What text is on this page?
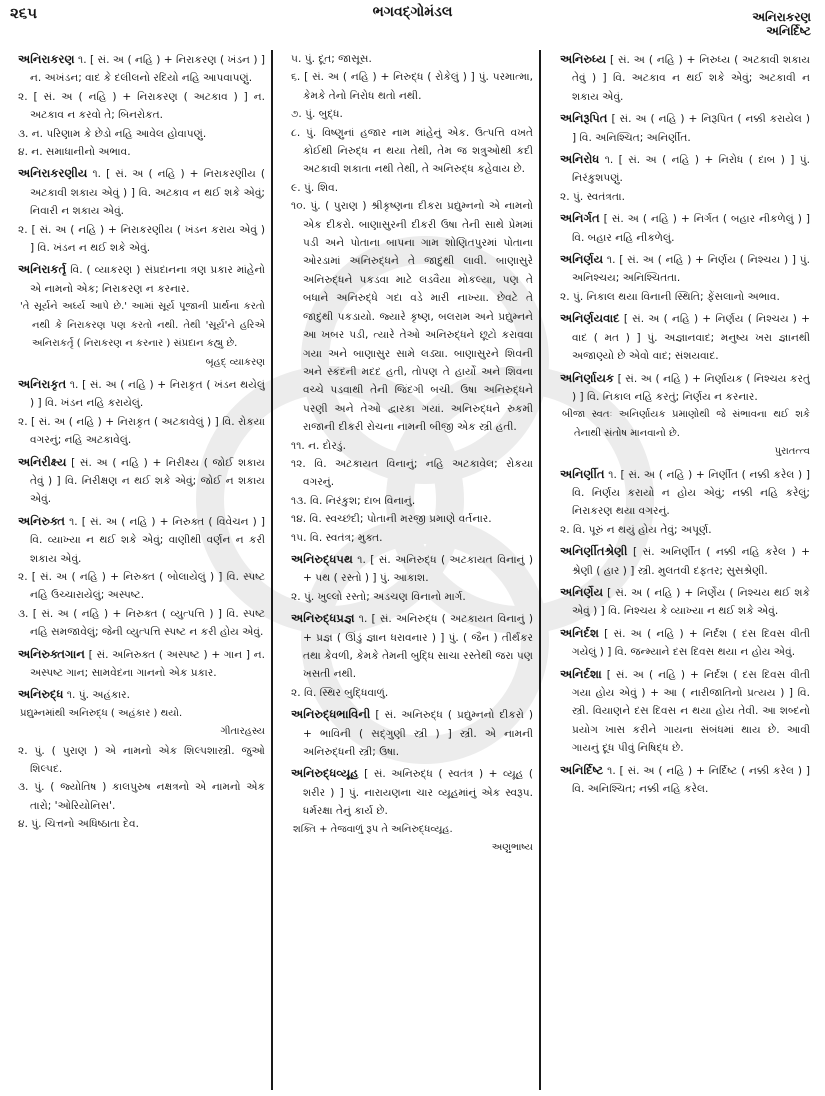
૨૬૫	ભગવદ્ગોમંડલ	અનિરાકરણ
અનિર્દિષ્ટ
અનિરાકરણ ૧. [ સં. અ ( નહિ ) + નિરાકરણ ( ખંડન ) ] ન. અખંડન; વાદ કે દલીલનો રદિયો નહિ આપવાપણું.
૨. [ સં. અ ( નહિ ) + નિરાકરણ ( અટકાવ ) ] ન. અટકાવ ન કરવો તે; બિનરોકત.
૩. ન. પરિણામ કે છેડો નહિ આવેલ હોવાપણું.
૪. ન. સમાધાનીનો અભાવ.
અનિરાકરણીય ૧. [ સં. અ ( નહિ ) + નિરાકરણીય ( અટકાવી શકાય એવું ) ] વિ. અટકાવ ન થઈ શકે એવું; નિવારી ન શકાય એવું.
૨. [ સં. અ ( નહિ ) + નિરાકરણીય ( ખંડન કરાય એવું ) ] વિ. ખંડન ન થઈ શકે એવું.
અનિરાકર્તૃ વિ. ( વ્યાકરણ ) સંપ્રદાનના ત્રણ પ્રકાર માંહેનો એ નામનો એક; નિરાકરણ ન કરનાર.
'તે સૂર્યને અર્ઘ્ય આપે છે.' આમાં સૂર્ય પૂજાની પ્રાર્થના કરતો નથી કે નિરાકરણ પણ કરતો નથી. તેથી 'સૂર્ય'ને હરિએ અનિરાકર્તૃ ( નિરાકરણ ન કરનાર ) સંપ્રદાન કહ્યુ છે.
બૃહદ્ વ્યાકરણ
અનિરાકૃત ૧. [ સં. અ ( નહિ ) + નિરાકૃત ( ખંડન થયેલું ) ] વિ. ખંડન નહિ કરાયેલું.
૨. [ સં. અ ( નહિ ) + નિરાકૃત ( અટકાવેલું ) ] વિ. રોકયા વગરનું; નહિ અટકાવેલું.
અનિરીક્ષ્ય [ સં. અ ( નહિ ) + નિરીક્ષ્ય ( જોઈ શકાય તેવું ) ] વિ. નિરીક્ષણ ન થઈ શકે એવું; જોઈ ન શકાય એવું.
અનિરુક્ત ૧. [ સં. અ ( નહિ ) + નિરુક્ત ( વિવેચન ) ] વિ. વ્યાખ્યા ન થઈ શકે એવું; વાણીથી વર્ણન ન કરી શકાય એવું.
૨. [ સં. અ ( નહિ ) + નિરુક્ત ( બોલાયેલું ) ] વિ. સ્પષ્ટ નહિ ઉચ્ચારાયેલું; અસ્પષ્ટ.
૩. [ સં. અ ( નહિ ) + નિરુક્ત ( વ્યુત્પત્તિ ) ] વિ. સ્પષ્ટ નહિ સમજાવેલું; જેની વ્યુત્પત્તિ સ્પષ્ટ ન કરી હોય એવું.
અનિરુક્તગાન [ સં. અનિરુક્ત ( અસ્પષ્ટ ) + ગાન ] ન. અસ્પષ્ટ ગાન; સામવેદના ગાનનો એક પ્રકાર.
અનિરુદ્ધ ૧. પું. અહંકાર.
પ્રદ્યુમ્નમાંથી અનિરુદ્ધ ( અહંકાર ) થયો.
ગીતારહસ્ય
૨. પું. ( પુરાણ ) એ નામનો એક શિલ્પશાસ્ત્રી. જુઓ શિલ્પદ.
૩. પું. ( જ્યોતિષ ) કાલપુરુષ નક્ષત્રનો એ નામનો એક તારો; 'ઓરિયોનિસ'.
૪. પું. ચિત્તનો અધિષ્ઠાતા દેવ.
૫. પું. દૂત; જાસૂસ.
૬. [ સં. અ ( નહિ ) + નિરુદ્ધ ( રોકેલું ) ] પું. પરમાત્મા, કેમકે તેનો નિરોધ થતો નથી.
૭. પું. બુદ્ધ.
૮. પું. વિષ્ણુનાં હજાર નામ માંહેનું એક. ઉત્પત્તિ વખતે કોઈથી નિરુદ્ધ ન થયા તેથી, તેમ જ શત્રુઓથી કદી અટકાવી શકાતા નથી તેથી, તે અનિરુદ્ધ કહેવાય છે.
૯. પું. શિવ.
૧૦. પું. ( પુરાણ ) શ્રીકૃષ્ણના દીકરા પ્રદ્યુમ્નનો એ નામનો એક દીકરો. બાણાસુરની દીકરી ઉષા તેની સાથે પ્રેમમાં પડી અને પોતાના બાપના ગામ શોણિતપુરમાં પોતાના ઓરડામાં અનિરુદ્ધને તે જાદુથી લાવી. બાણાસુરે અનિરુદ્ધને પકડવા માટે લડવૈયા મોકલ્યા, પણ તે બધાને અનિરુદ્ધે ગદા વડે મારી નાખ્યા. છેવટે તે જાદુથી પકડાયો. જ્યારે કૃષ્ણ, બલરામ અને પ્રદ્યુમ્નને આ ખબર પડી, ત્યારે તેઓ અનિરુદ્ધને છૂટો કરાવવા ગયા અને બાણાસુર સામે લડ્યા. બાણાસુરને શિવની અને સ્કંદની મદદ હતી, તોપણ તે હાર્યો અને શિવના વચ્ચે પડવાથી તેની જિંદગી બચી. ઉષા અનિરુદ્ધને પરણી અને તેઓ દ્વારકા ગયાં. અનિરુદ્ધને રુકમી રાજાની દીકરી રોચના નામની બીજી એક સ્ત્રી હતી.
૧૧. ન. દોરડું.
૧૨. વિ. અટકાયત વિનાનું; નહિ અટકાવેલ; રોકયા વગરનું.
૧૩. વિ. નિરંકુશ; દાબ વિનાનું.
૧૪. વિ. સ્વચ્છંદી; પોતાની મરજી પ્રમાણે વર્તનાર.
૧૫. વિ. સ્વતંત્ર; મુક્ત.
અનિરુદ્ધપથ ૧. [ સં. અનિરુદ્ધ ( અટકાયત વિનાનું ) + પથ ( રસ્તો ) ] પું. આકાશ.
૨. પું. ખુલ્લો રસ્તો; અડચણ વિનાનો માર્ગ.
અનિરુદ્ધપ્રજ્ઞ ૧. [ સં. અનિરુદ્ધ ( અટકાયત વિનાનું ) + પ્રજ્ઞ ( ઊંડું જ્ઞાન ધરાવનાર ) ] પું. ( જૈન ) તીર્થંકર તથા કેવળી, કેમકે તેમની બુદ્ધિ સાચા રસ્તેથી જરા પણ ખસતી નથી.
૨. વિ. સ્થિર બુદ્ધિવાળું.
અનિરુદ્ધભાવિની [ સં. અનિરુદ્ધ ( પ્રદ્યુમ્નનો દીકરો ) + ભાવિની ( સદ્ગુણી સ્ત્રી ) ] સ્ત્રી. એ નામની અનિરુદ્ધની સ્ત્રી; ઉષા.
અનિરુદ્ધવ્યૂહ [ સં. અનિરુદ્ધ ( સ્વતંત્ર ) + વ્યૂહ ( શરીર ) ] પું. નારાયણના ચાર વ્યૂહમાંનું એક સ્વરૂપ. ધર્મરક્ષા તેનું કાર્ય છે.
શક્તિ + તેજવાળું રૂપ તે અનિરુદ્ધવ્યૂહ.
અણુભાષ્ય
અનિરુધ્ય [ સં. અ ( નહિ ) + નિરુધ્ય ( અટકાવી શકાય તેવું ) ] વિ. અટકાવ ન થઈ શકે એવું; અટકાવી ન શકાય એવું.
અનિરૂપિત [ સં. અ ( નહિ ) + નિરૂપિત ( નક્કી કરાયેલ ) ] વિ. અનિશ્ચિત; અનિર્ણીત.
અનિરોધ ૧. [ સં. અ ( નહિ ) + નિરોધ ( દાબ ) ] પું. નિરંકુશપણું.
૨. પું. સ્વતંત્રતા.
અનિર્ગત [ સં. અ ( નહિ ) + નિર્ગત ( બહાર નીકળેલું ) ] વિ. બહાર નહિ નીકળેલું.
અનિર્ણય ૧. [ સં. અ ( નહિ ) + નિર્ણય ( નિશ્ચય ) ] પું. અનિશ્ચય; અનિશ્ચિતતા.
૨. પું. નિકાલ થયા વિનાની સ્થિતિ; ફેંસલાનો અભાવ.
અનિર્ણયવાદ [ સં. અ ( નહિ ) + નિર્ણય ( નિશ્ચય ) + વાદ ( મત ) ] પું. અજ્ઞાનવાદ; મનુષ્ય ખરા જ્ઞાનથી અજાણ્યો છે એવો વાદ; સંશયવાદ.
અનિર્ણાયક [ સં. અ ( નહિ ) + નિર્ણાયક ( નિશ્ચય કરતું ) ] વિ. નિકાલ નહિ કરતું; નિર્ણય ન કરનાર.
બીજા સ્વતઃ અનિર્ણાયક પ્રમાણોથી જે સંભાવના થઈ શકે તેનાથી સંતોષ માનવાનો છે.
પુરાતત્ત્વ
અનિર્ણીત ૧. [ સં. અ ( નહિ ) + નિર્ણીત ( નક્કી કરેલ ) ] વિ. નિર્ણય કરાયો ન હોય એવું; નક્કી નહિ કરેલું; નિરાકરણ થયા વગરનું.
૨. વિ. પૂરું ન થયું હોય તેવું; અપૂર્ણ.
અનિર્ણીતશ્રેણી [ સં. અનિર્ણીત ( નક્કી નહિ કરેલ ) + શ્રેણી ( હાર ) ] સ્ત્રી. મુલતવી દફતર; સુસશ્રેણી.
અનિર્ણેય [ સં. અ ( નહિ ) + નિર્ણેય ( નિશ્ચય થઈ શકે એવું ) ] વિ. નિશ્ચય કે વ્યાખ્યા ન થઈ શકે એવું.
અનિર્દશ [ સં. અ ( નહિ ) + નિર્દશ ( દસ દિવસ વીતી ગયેલું ) ] વિ. જન્મ્યાને દસ દિવસ થયા ન હોય એવું.
અનિર્દશા [ સં. અ ( નહિ ) + નિર્દશ ( દસ દિવસ વીતી ગયા હોય એવું ) + આ ( નારીજાતિનો પ્રત્યય ) ] વિ. સ્ત્રી. વિયાણને દસ દિવસ ન થયા હોય તેવી. આ શબ્દનો પ્રયોગ ખાસ કરીને ગાયના સંબંધમાં થાય છે. આવી ગાયનું દૂધ પીવું નિષિદ્ધ છે.
અનિર્દિષ્ટ ૧. [ સં. અ ( નહિ ) + નિર્દિષ્ટ ( નક્કી કરેલ ) ] વિ. અનિશ્ચિત; નક્કી નહિ કરેલ.
